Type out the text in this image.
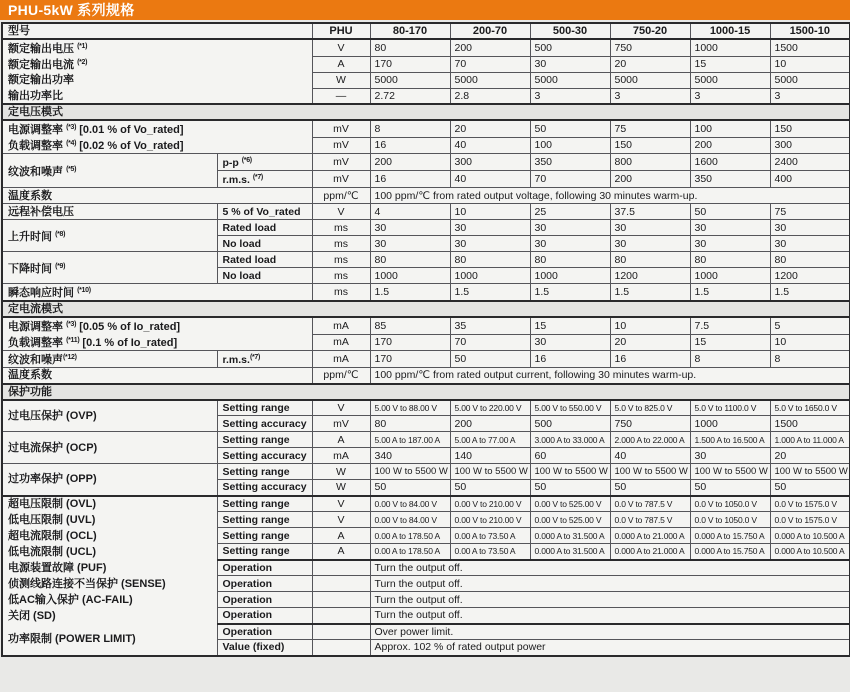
PHU-5kW 系列规格
型号		PHU	80-170	200-70	500-30	750-20	1000-15	1500-10
额定输出电压 $^{(*1)}$		V	80	200	500	750	1000	1500
额定输出电流 $^{(*2)}$		A	170	70	30	20	15	10
额定输出功率		W	5000	5000	5000	5000	5000	5000
输出功率比		—	2.72	2.8	3	3	3	3
定电压模式								
电源调整率 $^{(*3)}$ [0.01 % of Vo_rated]		mV	8	20	50	75	100	150
负载调整率 $^{(*4)}$ [0.02 % of Vo_rated]		mV	16	40	100	150	200	300
纹波和噪声 $^{(*5)}$	p-p $^{(*6)}$	mV	200	300	350	800	1600	2400
	r.m.s. $^{(*7)}$	mV	16	40	70	200	350	400
温度系数		ppm/℃	100 ppm/℃ from rated output voltage, following 30 minutes warm-up.					
远程补偿电压	5 % of Vo_rated	V	4	10	25	37.5	50	75
上升时间 $^{(*8)}$	Rated load	ms	30	30	30	30	30	30
	No load	ms	30	30	30	30	30	30
下降时间 $^{(*9)}$	Rated load	ms	80	80	80	80	80	80
	No load	ms	1000	1000	1000	1200	1000	1200
瞬态响应时间 $^{(*10)}$		ms	1.5	1.5	1.5	1.5	1.5	1.5
定电流模式								
电源调整率 $^{(*3)}$ [0.05 % of Io_rated]		mA	85	35	15	10	7.5	5
负载调整率 $^{(*11)}$ [0.1 % of Io_rated]		mA	170	70	30	20	15	10
纹波和噪声$^{(*12)}$	r.m.s.$^{(*7)}$	mA	170	50	16	16	8	8
温度系数		ppm/℃	100 ppm/℃ from rated output current, following 30 minutes warm-up.					
保护功能								
过电压保护 (OVP)	Setting range	V	5.00 V to 88.00 V	5.00 V to 220.00 V	5.00 V to 550.00 V	5.0 V to 825.0 V	5.0 V to 1100.0 V	5.0 V to 1650.0 V
	Setting accuracy	mV	80	200	500	750	1000	1500
过电流保护 (OCP)	Setting range	A	5.00 A to 187.00 A	5.00 A to 77.00 A	3.000 A to 33.000 A	2.000 A to 22.000 A	1.500 A to 16.500 A	1.000 A to 11.000 A
	Setting accuracy	mA	340	140	60	40	30	20
过功率保护 (OPP)	Setting range	W	100 W to 5500 W	100 W to 5500 W	100 W to 5500 W	100 W to 5500 W	100 W to 5500 W	100 W to 5500 W
	Setting accuracy	W	50	50	50	50	50	50
超电压限制 (OVL)	Setting range	V	0.00 V to 84.00 V	0.00 V to 210.00 V	0.00 V to 525.00 V	0.0 V to 787.5 V	0.0 V to 1050.0 V	0.0 V to 1575.0 V
低电压限制 (UVL)	Setting range	V	0.00 V to 84.00 V	0.00 V to 210.00 V	0.00 V to 525.00 V	0.0 V to 787.5 V	0.0 V to 1050.0 V	0.0 V to 1575.0 V
超电流限制 (OCL)	Setting range	A	0.00 A to 178.50 A	0.00 A to 73.50 A	0.000 A to 31.500 A	0.000 A to 21.000 A	0.000 A to 15.750 A	0.000 A to 10.500 A
低电流限制 (UCL)	Setting range	A	0.00 A to 178.50 A	0.00 A to 73.50 A	0.000 A to 31.500 A	0.000 A to 21.000 A	0.000 A to 15.750 A	0.000 A to 10.500 A
电源装置故障 (PUF)	Operation		Turn the output off.					
侦测线路连接不当保护 (SENSE)	Operation		Turn the output off.					
低AC输入保护 (AC-FAIL)	Operation		Turn the output off.					
关闭 (SD)	Operation		Turn the output off.					
功率限制 (POWER LIMIT)	Operation		Over power limit.					
	Value (fixed)		Approx. 102 % of rated output power					
